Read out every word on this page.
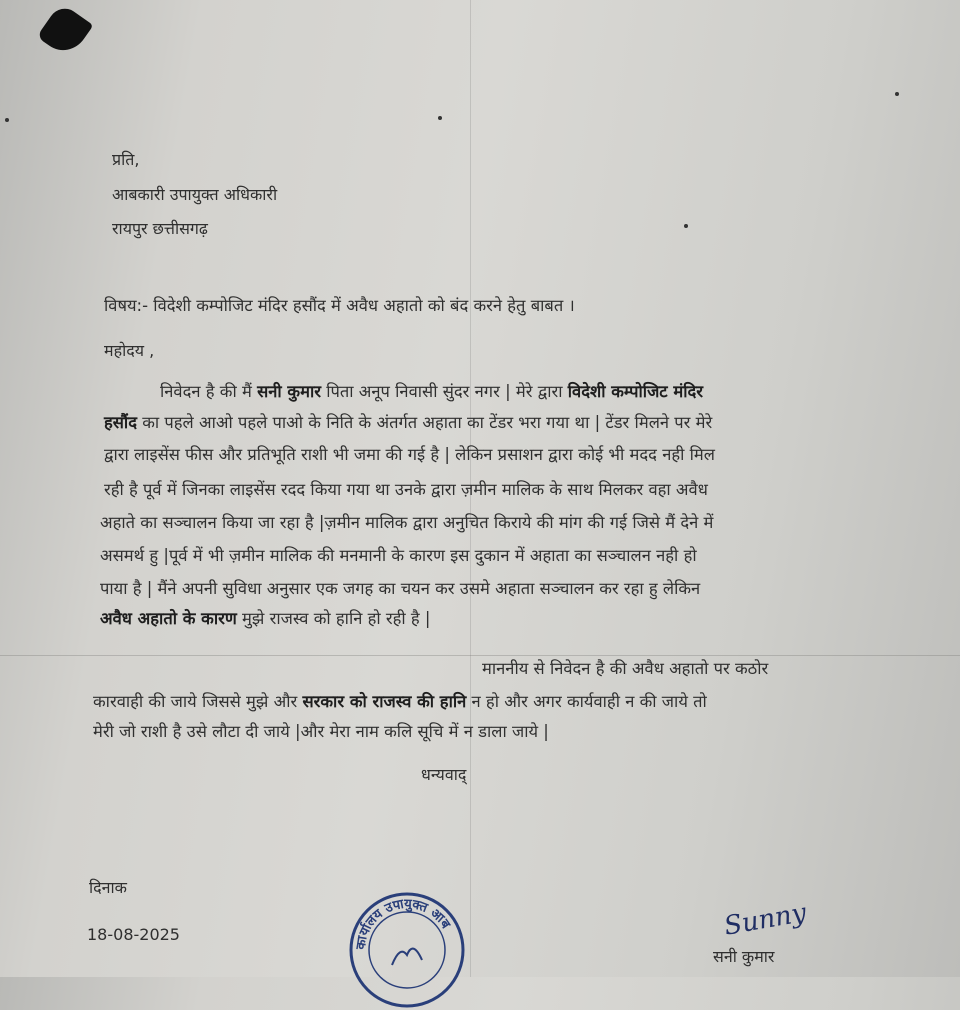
प्रति,
आबकारी उपायुक्त अधिकारी
रायपुर छत्तीसगढ़
विषय:- विदेशी कम्पोजिट मंदिर हसौंद में अवैध अहातो को बंद करने हेतु बाबत ।
महोदय ,
निवेदन है की मैं सनी कुमार पिता अनूप निवासी सुंदर नगर | मेरे द्वारा विदेशी कम्पोजिट मंदिर
हसौंद का पहले आओ पहले पाओ के निति के अंतर्गत अहाता का टेंडर भरा गया था | टेंडर मिलने पर मेरे
द्वारा लाइसेंस फीस और प्रतिभूति राशी भी जमा की गई है | लेकिन प्रसाशन द्वारा कोई भी मदद नही मिल
रही है पूर्व में जिनका लाइसेंस रदद किया गया था उनके द्वारा ज़मीन मालिक के साथ मिलकर वहा अवैध
अहाते का सञ्चालन किया जा रहा है |ज़मीन मालिक द्वारा अनुचित किराये की मांग की गई जिसे मैं देने में
असमर्थ हु |पूर्व में भी ज़मीन मालिक की मनमानी के कारण इस दुकान में अहाता का सञ्चालन नही हो
पाया है | मैंने अपनी सुविधा अनुसार एक जगह का चयन कर उसमे अहाता सञ्चालन कर रहा हु लेकिन
अवैध अहातो के कारण मुझे राजस्व को हानि हो रही है |
माननीय से निवेदन है की अवैध अहातो पर कठोर
कारवाही की जाये जिससे मुझे और सरकार को राजस्व की हानि न हो और अगर कार्यवाही न की जाये तो
मेरी जो राशी है उसे लौटा दी जाये |और मेरा नाम कलि सूचि में न डाला जाये |
धन्यवाद्
दिनाक
18-08-2025	कार्यालय उपायुक्त आब	Sunny
सनी कुमार
